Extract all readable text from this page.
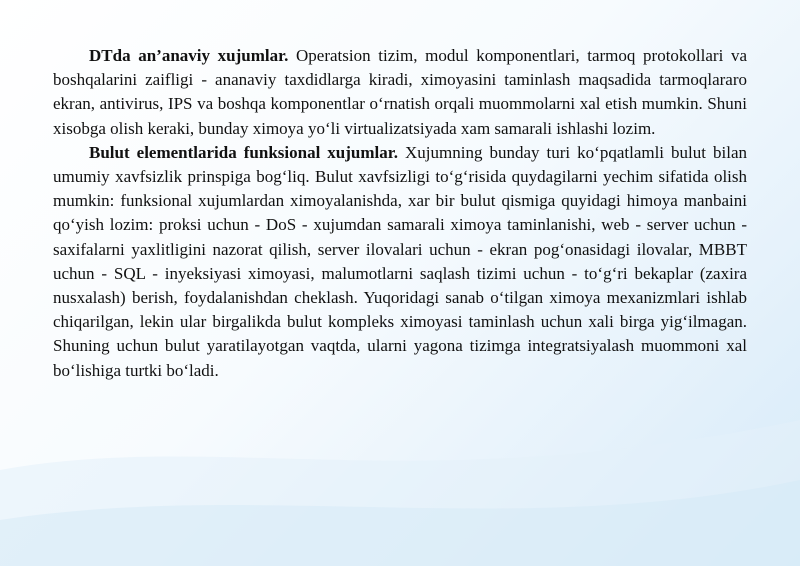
DTda an’anaviy xujumlar. Operatsion tizim, modul komponentlari, tarmoq protokollari va boshqalarini zaifligi - ananaviy taxdidlarga kiradi, ximoyasini taminlash maqsadida tarmoqlararo ekran, antivirus, IPS va boshqa komponentlar o‘rnatish orqali muommolarni xal etish mumkin. Shuni xisobga olish keraki, bunday ximoya yo‘li virtualizatsiyada xam samarali ishlashi lozim.

Bulut elementlarida funksional xujumlar. Xujumning bunday turi ko‘pqatlamli bulut bilan umumiy xavfsizlik prinspiga bog‘liq. Bulut xavfsizligi to‘g‘risida quydagilarni yechim sifatida olish mumkin: funksional xujumlardan ximoyalanishda, xar bir bulut qismiga quyidagi himoya manbaini qo‘yish lozim: proksi uchun - DoS - xujumdan samarali ximoya taminlanishi, web - server uchun - saxifalarni yaxlitligini nazorat qilish, server ilovalari uchun - ekran pog‘onasidagi ilovalar, MBBT uchun - SQL - inyeksiyasi ximoyasi, malumotlarni saqlash tizimi uchun - to‘g‘ri bekaplar (zaxira nusxalash) berish, foydalanishdan cheklash. Yuqoridagi sanab o‘tilgan ximoya mexanizmlari ishlab chiqarilgan, lekin ular birgalikda bulut kompleks ximoyasi taminlash uchun xali birga yig‘ilmagan. Shuning uchun bulut yaratilayotgan vaqtda, ularni yagona tizimga integratsiyalash muommoni xal bo‘lishiga turtki bo‘ladi.
